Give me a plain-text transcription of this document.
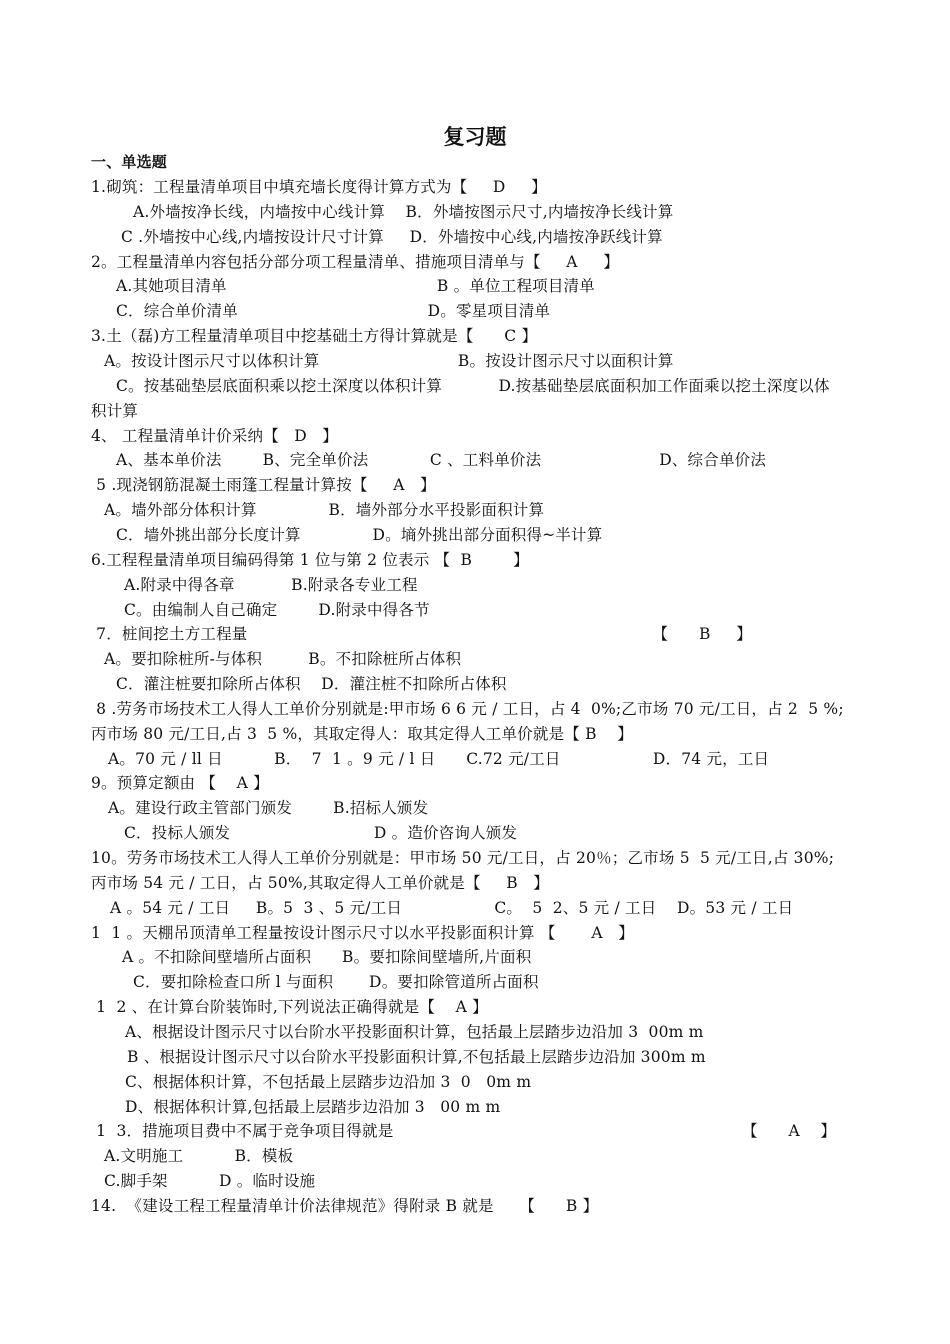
复习题
一、单选题
1.砌筑：工程量清单项目中填充墙长度得计算方式为【     D     】
A.外墙按净长线，内墙按中心线计算    B．外墙按图示尺寸,内墙按净长线计算
C .外墙按中心线,内墙按设计尺寸计算     D．外墙按中心线,内墙按净跃线计算
2。工程量清单内容包括分部分项工程量清单、措施项目清单与【     A     】
A.其她项目清单                                         B 。单位工程项目清单
C．综合单价清单                                     D。零星项目清单
3.土（磊)方工程量清单项目中挖基础土方得计算就是【      C 】
A。按设计图示尺寸以体积计算                           B。按设计图示尺寸以面积计算
C。按基础垫层底面积乘以挖土深度以体积计算           D.按基础垫层底面积加工作面乘以挖土深度以体
积计算
4、 工程量清单计价采纳【   D   】
A、基本单价法        B、完全单价法            C 、工料单价法                       D、综合单价法
5 .现浇钢筋混凝土雨篷工程量计算按【     A   】
A。墙外部分体积计算              B．墙外部分水平投影面积计算
C．墙外挑出部分长度计算              D。墒外挑出部分面积得~半计算
6.工程程量清单项目编码得第 1 位与第 2 位表示 【  B        】
A.附录中得各章           B.附录各专业工程
C。由编制人自己确定        D.附录中得各节
7．桩间挖土方工程量                                                                               【      B     】
A。要扣除桩所-与体积         B。不扣除桩所占体积
C．灌注桩要扣除所占体积    D．灌注桩不扣除所占体积
8 .劳务市场技术工人得人工单价分别就是:甲市场 6 6 元 / 工日，占 4  0%;乙市场 70 元/工日，占 2  5 %;
丙市场 80 元/工日,占 3  5 %，其取定得人：取其定得人工单价就是【 B    】
A。70 元 / ll 日          B．  7  1 。9 元 / l 日      C.72 元/工日                  D．74 元，工日
9。预算定额由 【    A 】
A。建设行政主管部门颁发        B.招标人颁发
C．投标人颁发                            D 。造价咨询人颁发
10。劳务市场技术工人得人工单价分别就是：甲市场 50 元/工日，占 20％；乙市场 5  5 元/工日,占 30%;
丙市场 54 元 / 工日，占 50%,其取定得人工单价就是【     B   】
A 。54 元 / 工日     B。5  3 、5 元/工日                  C。  5  2、5 元 / 工日    D。53 元 / 工日
1  1 。天棚吊顶清单工程量按设计图示尺寸以水平投影面积计算 【       A   】
A 。不扣除间壁墙所占面积      B。要扣除间壁墙所,片面积
C．要扣除检查口所 l 与面积       D。要扣除管道所占面积
1  2 、在计算台阶装饰时,下列说法正确得就是【    A 】
A、根据设计图示尺寸以台阶水平投影面积计算，包括最上层踏步边沿加 3  00m m
B 、根据设计图示尺寸以台阶水平投影面积计算,不包括最上层踏步边沿加 300m m
C、根据体积计算，不包括最上层踏步边沿加 3  0   0m m
D、根据体积计算,包括最上层踏步边沿加 3   00 m m
1  3．措施项目费中不属于竞争项目得就是                                                                    【      A    】
A.文明施工          B．模板
C.脚手架          D 。临时设施
14.  《建设工程工程量清单计价法律规范》得附录 B 就是     【      B 】
